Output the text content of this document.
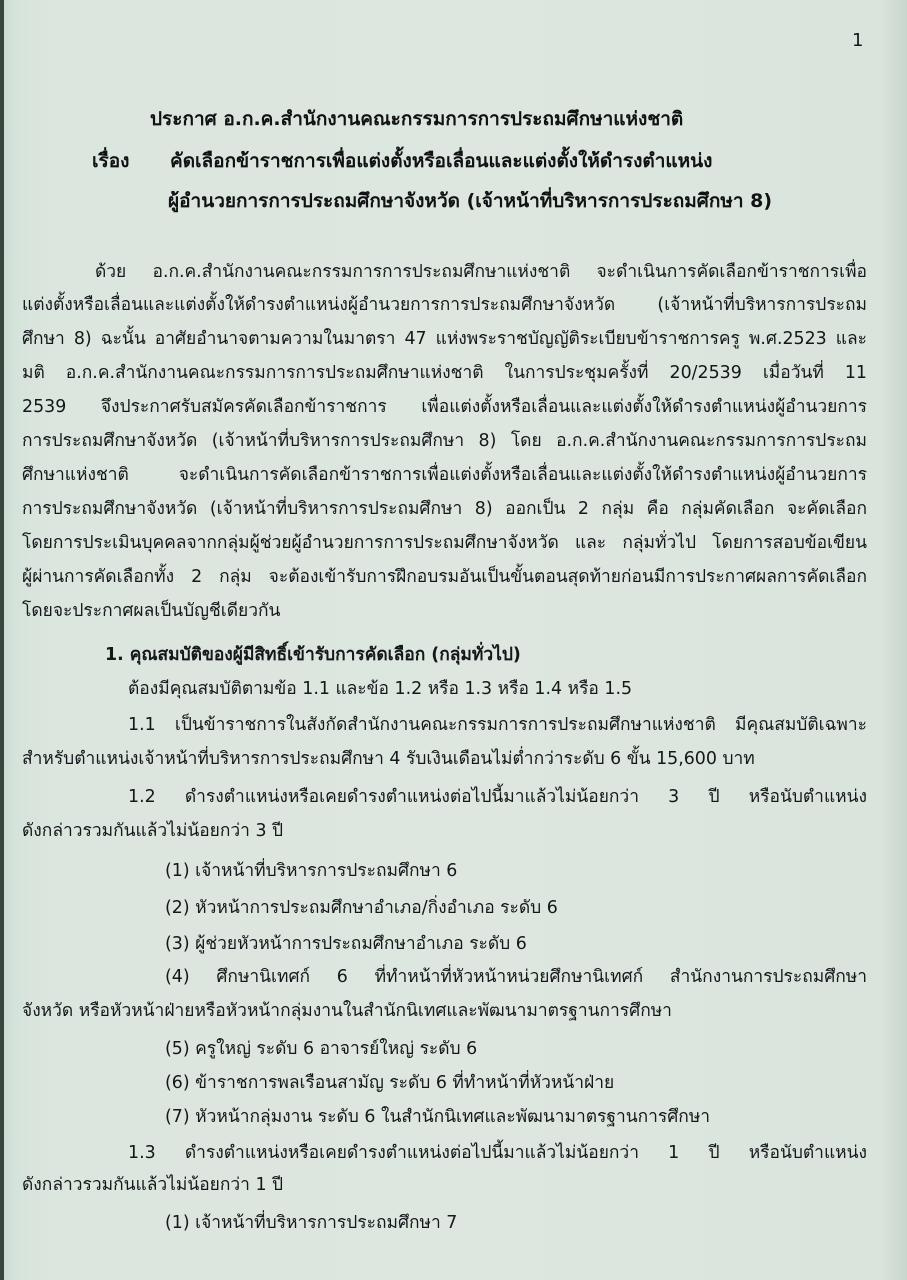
1
ประกาศ อ.ก.ค.สำนักงานคณะกรรมการการประถมศึกษาแห่งชาติ
เรื่อง คัดเลือกข้าราชการเพื่อแต่งตั้งหรือเลื่อนและแต่งตั้งให้ดำรงตำแหน่ง
ผู้อำนวยการการประถมศึกษาจังหวัด (เจ้าหน้าที่บริหารการประถมศึกษา 8)
ด้วย อ.ก.ค.สำนักงานคณะกรรมการการประถมศึกษาแห่งชาติ จะดำเนินการคัดเลือกข้าราชการเพื่อ
แต่งตั้งหรือเลื่อนและแต่งตั้งให้ดำรงตำแหน่งผู้อำนวยการการประถมศึกษาจังหวัด (เจ้าหน้าที่บริหารการประถม
ศึกษา 8) ฉะนั้น อาศัยอำนาจตามความในมาตรา 47 แห่งพระราชบัญญัติระเบียบข้าราชการครู พ.ศ.2523 และ
มติ อ.ก.ค.สำนักงานคณะกรรมการการประถมศึกษาแห่งชาติ ในการประชุมครั้งที่ 20/2539 เมื่อวันที่ 11
2539 จึงประกาศรับสมัครคัดเลือกข้าราชการ เพื่อแต่งตั้งหรือเลื่อนและแต่งตั้งให้ดำรงตำแหน่งผู้อำนวยการ
การประถมศึกษาจังหวัด (เจ้าหน้าที่บริหารการประถมศึกษา 8) โดย อ.ก.ค.สำนักงานคณะกรรมการการประถม
ศึกษาแห่งชาติ จะดำเนินการคัดเลือกข้าราชการเพื่อแต่งตั้งหรือเลื่อนและแต่งตั้งให้ดำรงตำแหน่งผู้อำนวยการ
การประถมศึกษาจังหวัด (เจ้าหน้าที่บริหารการประถมศึกษา 8) ออกเป็น 2 กลุ่ม คือ กลุ่มคัดเลือก จะคัดเลือก
โดยการประเมินบุคคลจากกลุ่มผู้ช่วยผู้อำนวยการการประถมศึกษาจังหวัด และ กลุ่มทั่วไป โดยการสอบข้อเขียน
ผู้ผ่านการคัดเลือกทั้ง 2 กลุ่ม จะต้องเข้ารับการฝึกอบรมอันเป็นขั้นตอนสุดท้ายก่อนมีการประกาศผลการคัดเลือก
โดยจะประกาศผลเป็นบัญชีเดียวกัน
1. คุณสมบัติของผู้มีสิทธิ์เข้ารับการคัดเลือก (กลุ่มทั่วไป)
ต้องมีคุณสมบัติตามข้อ 1.1 และข้อ 1.2 หรือ 1.3 หรือ 1.4 หรือ 1.5
1.1 เป็นข้าราชการในสังกัดสำนักงานคณะกรรมการการประถมศึกษาแห่งชาติ มีคุณสมบัติเฉพาะ
สำหรับตำแหน่งเจ้าหน้าที่บริหารการประถมศึกษา 4 รับเงินเดือนไม่ต่ำกว่าระดับ 6 ขั้น 15,600 บาท
1.2 ดำรงตำแหน่งหรือเคยดำรงตำแหน่งต่อไปนี้มาแล้วไม่น้อยกว่า 3 ปี หรือนับตำแหน่ง
ดังกล่าวรวมกันแล้วไม่น้อยกว่า 3 ปี
(1) เจ้าหน้าที่บริหารการประถมศึกษา 6
(2) หัวหน้าการประถมศึกษาอำเภอ/กิ่งอำเภอ ระดับ 6
(3) ผู้ช่วยหัวหน้าการประถมศึกษาอำเภอ ระดับ 6
(4) ศึกษานิเทศก์ 6 ที่ทำหน้าที่หัวหน้าหน่วยศึกษานิเทศก์ สำนักงานการประถมศึกษา
จังหวัด หรือหัวหน้าฝ่ายหรือหัวหน้ากลุ่มงานในสำนักนิเทศและพัฒนามาตรฐานการศึกษา
(5) ครูใหญ่ ระดับ 6 อาจารย์ใหญ่ ระดับ 6
(6) ข้าราชการพลเรือนสามัญ ระดับ 6 ที่ทำหน้าที่หัวหน้าฝ่าย
(7) หัวหน้ากลุ่มงาน ระดับ 6 ในสำนักนิเทศและพัฒนามาตรฐานการศึกษา
1.3 ดำรงตำแหน่งหรือเคยดำรงตำแหน่งต่อไปนี้มาแล้วไม่น้อยกว่า 1 ปี หรือนับตำแหน่ง
ดังกล่าวรวมกันแล้วไม่น้อยกว่า 1 ปี
(1) เจ้าหน้าที่บริหารการประถมศึกษา 7
